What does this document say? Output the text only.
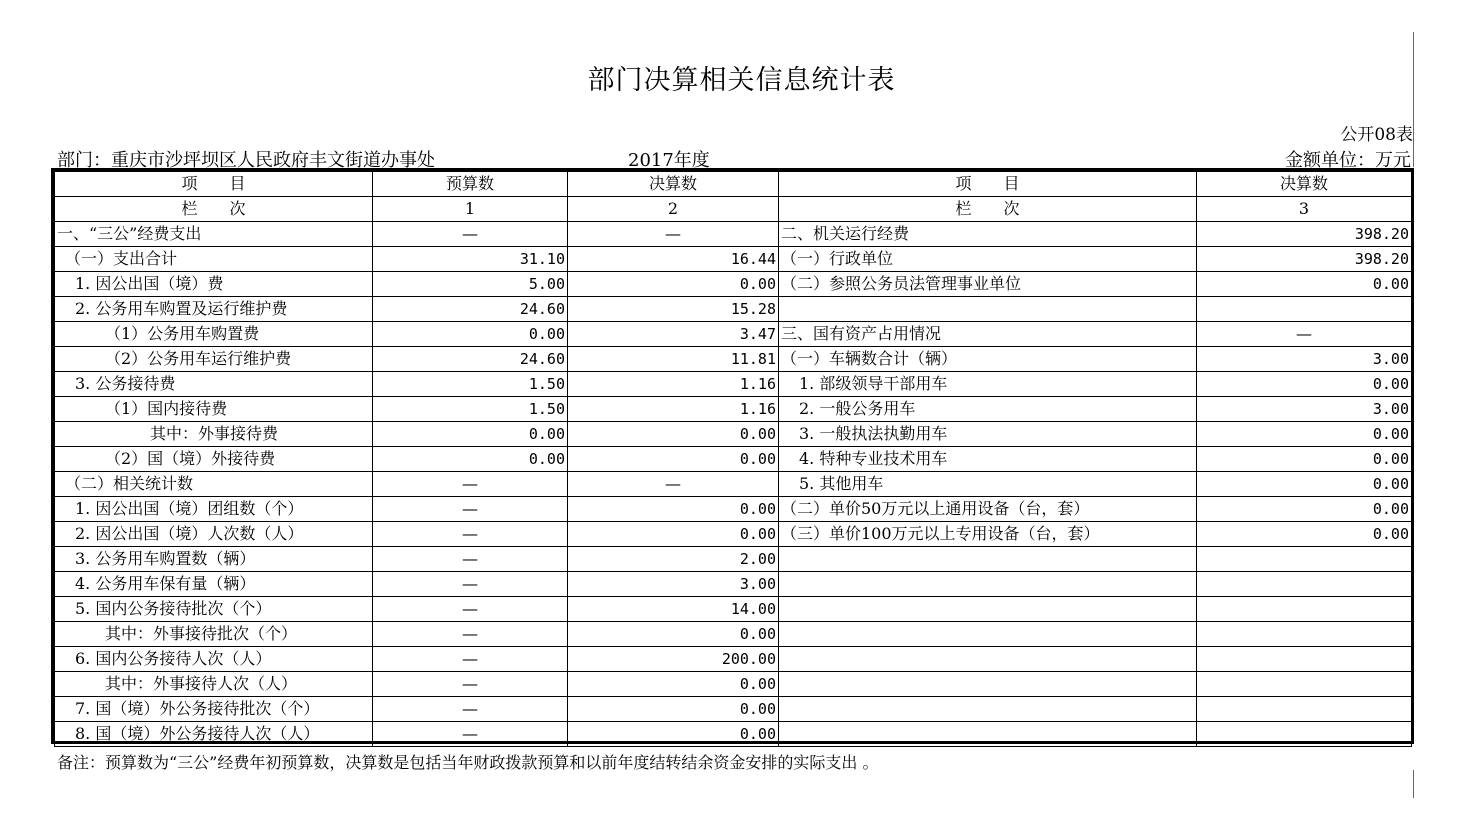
部门决算相关信息统计表
公开08表
部门：重庆市沙坪坝区人民政府丰文街道办事处	2017年度	金额单位：万元
项　　目	预算数	决算数	项　　目	决算数
栏　　次	1	2	栏　　次	3
一、“三公”经费支出	—	—	二、机关运行经费	398.20
（一）支出合计	31.10	16.44	（一）行政单位	398.20
1. 因公出国（境）费	5.00	0.00	（二）参照公务员法管理事业单位	0.00
2. 公务用车购置及运行维护费	24.60	15.28		
（1）公务用车购置费	0.00	3.47	三、国有资产占用情况	—
（2）公务用车运行维护费	24.60	11.81	（一）车辆数合计（辆）	3.00
3. 公务接待费	1.50	1.16	1. 部级领导干部用车	0.00
（1）国内接待费	1.50	1.16	2. 一般公务用车	3.00
其中：外事接待费	0.00	0.00	3. 一般执法执勤用车	0.00
（2）国（境）外接待费	0.00	0.00	4. 特种专业技术用车	0.00
（二）相关统计数	—	—	5. 其他用车	0.00
1. 因公出国（境）团组数（个）	—	0.00	（二）单价50万元以上通用设备（台，套）	0.00
2. 因公出国（境）人次数（人）	—	0.00	（三）单价100万元以上专用设备（台，套）	0.00
3. 公务用车购置数（辆）	—	2.00		
4. 公务用车保有量（辆）	—	3.00		
5. 国内公务接待批次（个）	—	14.00		
其中：外事接待批次（个）	—	0.00		
6. 国内公务接待人次（人）	—	200.00		
其中：外事接待人次（人）	—	0.00		
7. 国（境）外公务接待批次（个）	—	0.00		
8. 国（境）外公务接待人次（人）	—	0.00		
备注：预算数为“三公”经费年初预算数，决算数是包括当年财政拨款预算和以前年度结转结余资金安排的实际支出 。
